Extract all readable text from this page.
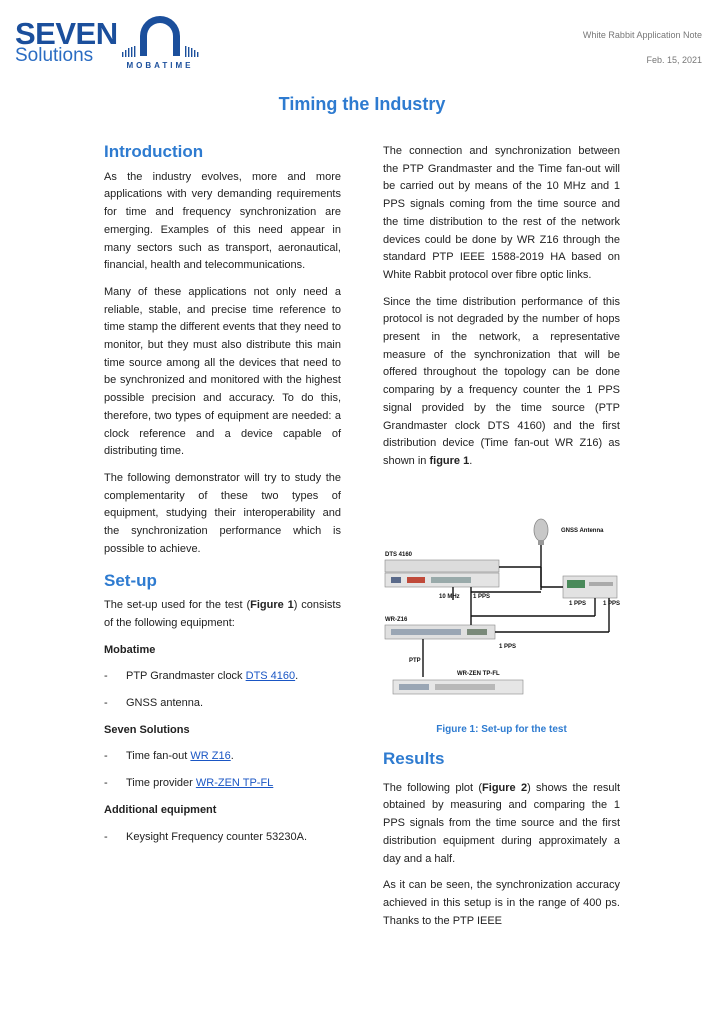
SEVEN
Solutions	MOBATIME
White Rabbit Application Note
Feb. 15, 2021
Timing the Industry

Introduction

As the industry evolves, more and more applications with very demanding requirements for time and frequency synchronization are emerging. Examples of this need appear in many sectors such as transport, aeronautical, financial, health and telecommunications.

Many of these applications not only need a reliable, stable, and precise time reference to time stamp the different events that they need to monitor, but they must also distribute this main time source among all the devices that need to be synchronized and monitored with the highest possible precision and accuracy. To do this, therefore, two types of equipment are needed: a clock reference and a device capable of distributing time.

The following demonstrator will try to study the complementarity of these two types of equipment, studying their interoperability and the synchronization performance which is possible to achieve.

Set-up

The set-up used for the test (Figure 1) consists of the following equipment:

Mobatime

- PTP Grandmaster clock DTS 4160.

- GNSS antenna.

Seven Solutions

- Time fan-out WR Z16.

- Time provider WR-ZEN TP-FL

Additional equipment

- Keysight Frequency counter 53230A.

The connection and synchronization between the PTP Grandmaster and the Time fan-out will be carried out by means of the 10 MHz and 1 PPS signals coming from the time source and the time distribution to the rest of the network devices could be done by WR Z16 through the standard PTP IEEE 1588-2019 HA based on White Rabbit protocol over fibre optic links.

Since the time distribution performance of this protocol is not degraded by the number of hops present in the network, a representative measure of the synchronization that will be offered throughout the topology can be done comparing by a frequency counter the 1 PPS signal provided by the time source (PTP Grandmaster clock DTS 4160) and the first distribution device (Time fan-out WR Z16) as shown in figure 1.

GNSS Antenna
DTS 4160
10 MHz 1 PPS
1 PPS	1 PPS
WR-Z16
1 PPS
PTP
WR-ZEN TP-FL
Figure 1: Set-up for the test

Results

The following plot (Figure 2) shows the result obtained by measuring and comparing the 1 PPS signals from the time source and the first distribution equipment during approximately a day and a half.

As it can be seen, the synchronization accuracy achieved in this setup is in the range of 400 ps. Thanks to the PTP IEEE
